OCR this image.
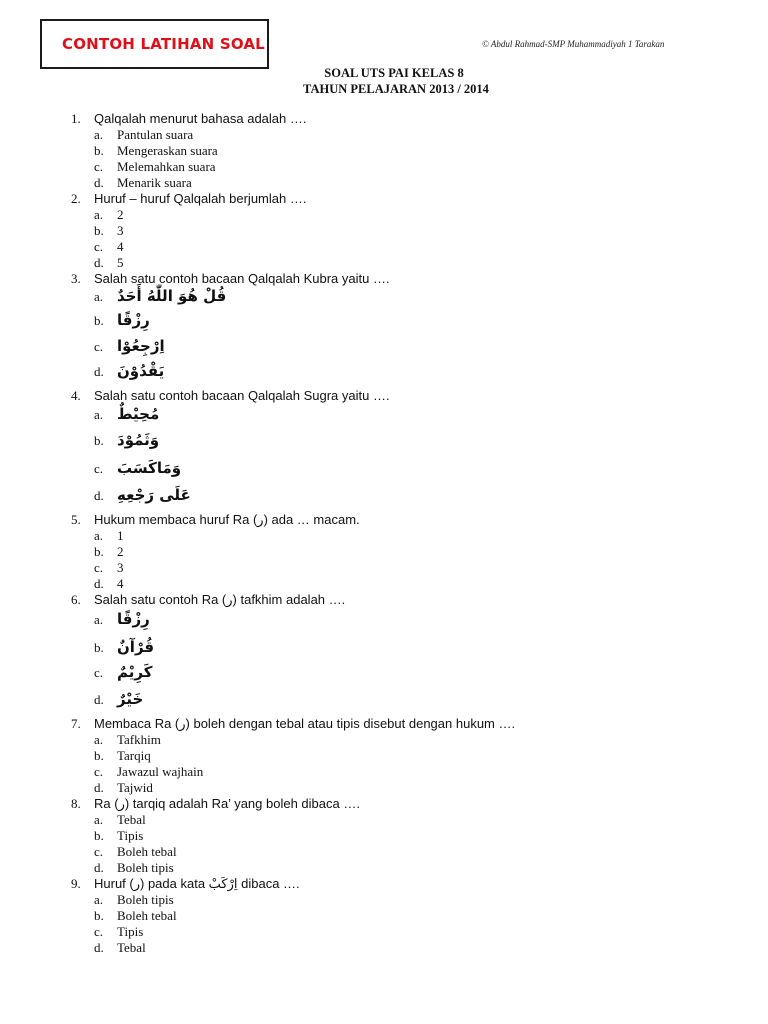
CONTOH LATIHAN SOAL	© Abdul Rahmad-SMP Muhammadiyah 1 Tarakan
SOAL UTS PAI KELAS 8
TAHUN PELAJARAN 2013 / 2014
1. Qalqalah menurut bahasa adalah ….
a. Pantulan suara
b. Mengeraskan suara
c. Melemahkan suara
d. Menarik suara
2. Huruf – huruf Qalqalah berjumlah ….
a. 2
b. 3
c. 4
d. 5
3. Salah satu contoh bacaan Qalqalah Kubra yaitu ….
a. قُلْ هُوَ اللّٰهُ أَحَدٌ
b. رِزْقًا
c. اِرْجِعُوْا
d. يَقْدُوْنَ
4. Salah satu contoh bacaan Qalqalah Sugra yaitu ….
a. مُحِيْطٌ
b. وَثَمُوْدَ
c. وَمَاكَسَبَ
d. عَلَى رَجْعِهِ
5. Hukum membaca huruf Ra (ر) ada … macam.
a. 1
b. 2
c. 3
d. 4
6. Salah satu contoh Ra (ر) tafkhim adalah ….
a. رِزْقًا
b. قُرْآنٌ
c. كَرِيْمٌ
d. خَيْرٌ
7. Membaca Ra (ر) boleh dengan tebal atau tipis disebut dengan hukum ….
a. Tafkhim
b. Tarqiq
c. Jawazul wajhain
d. Tajwid
8. Ra (ر) tarqiq adalah Ra’ yang boleh dibaca ….
a. Tebal
b. Tipis
c. Boleh tebal
d. Boleh tipis
9. Huruf (ر) pada kata اِرْكَبْ dibaca ….
a. Boleh tipis
b. Boleh tebal
c. Tipis
d. Tebal
